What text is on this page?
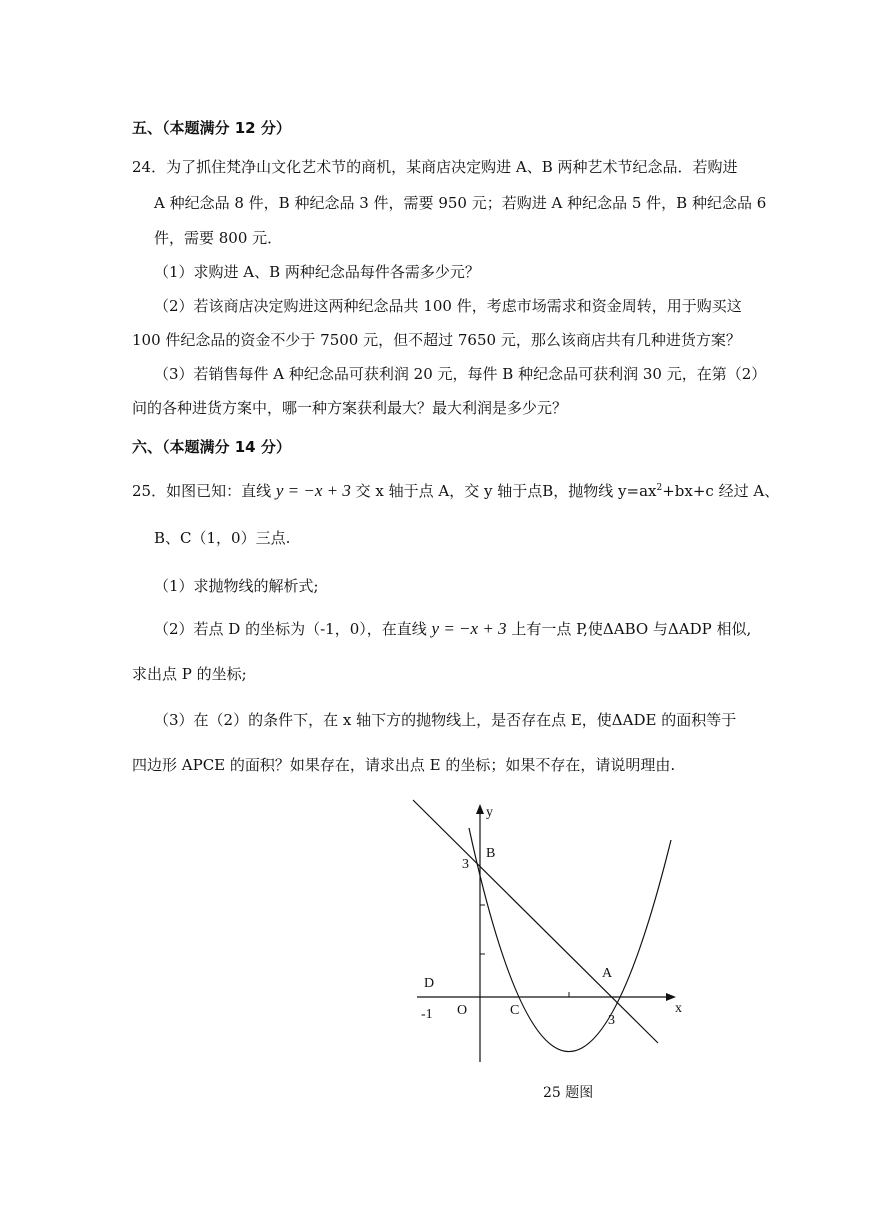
五、（本题满分 12 分）
24．为了抓住梵净山文化艺术节的商机，某商店决定购进 A、B 两种艺术节纪念品．若购进
A 种纪念品 8 件，B 种纪念品 3 件，需要 950 元；若购进 A 种纪念品 5 件，B 种纪念品 6
件，需要 800 元．
（1）求购进 A、B 两种纪念品每件各需多少元？
（2）若该商店决定购进这两种纪念品共 100 件，考虑市场需求和资金周转，用于购买这
100 件纪念品的资金不少于 7500 元，但不超过 7650 元，那么该商店共有几种进货方案？
（3）若销售每件 A 种纪念品可获利润 20 元，每件 B 种纪念品可获利润 30 元，在第（2）
问的各种进货方案中，哪一种方案获利最大？最大利润是多少元？
六、（本题满分 14 分）
25．如图已知：直线 y = −x + 3 交 x 轴于点 A，交 y 轴于点B，抛物线 $y=ax^2+bx+c$ 经过 A、
B、C（1，0）三点.
（1）求抛物线的解析式;
（2）若点 D 的坐标为（-1，0），在直线 y = −x + 3 上有一点 P,使ΔABO 与ΔADP 相似,
求出点 P 的坐标;
（3）在（2）的条件下，在 x 轴下方的抛物线上，是否存在点 E，使ΔADE 的面积等于
四边形 APCE 的面积？如果存在，请求出点 E 的坐标；如果不存在，请说明理由.
y
B
3
A
D
-1 O	C
3
x
25 题图
